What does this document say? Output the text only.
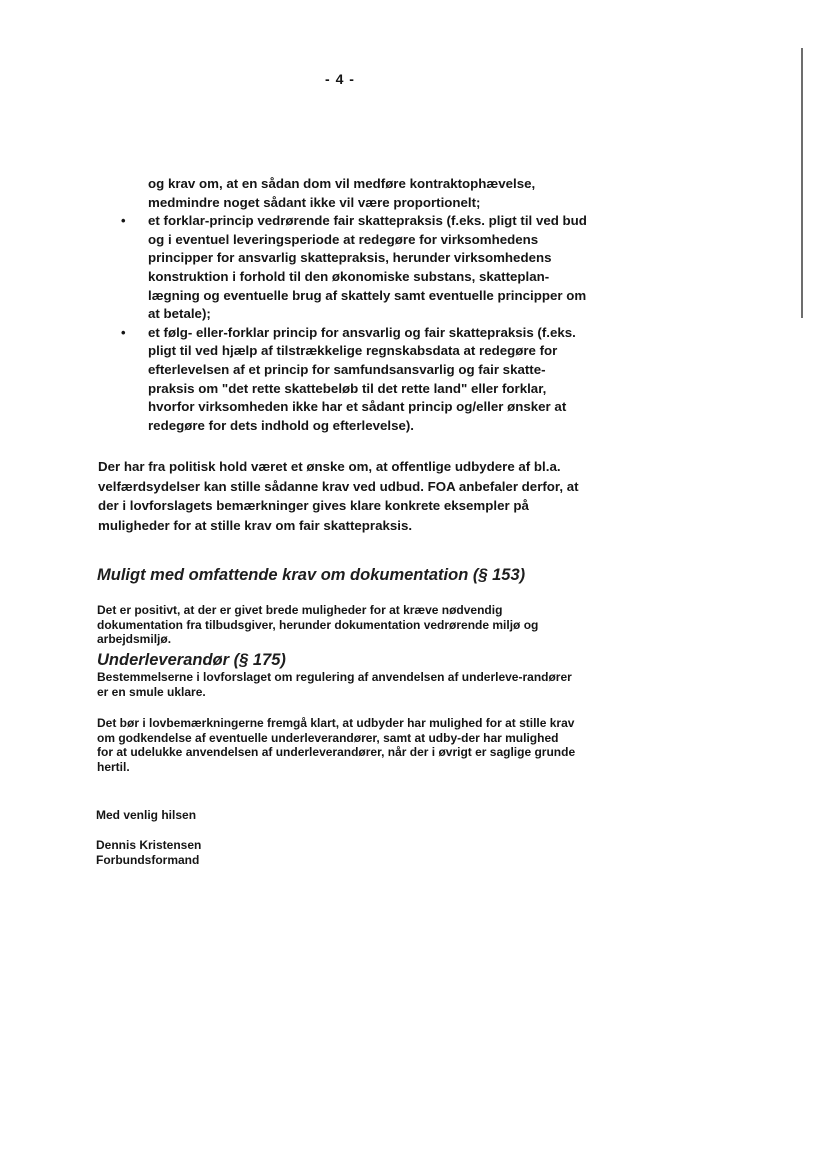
- 4 -
og krav om, at en sådan dom vil medføre kontraktophævelse, medmindre noget sådant ikke vil være proportionelt;
• et forklar-princip vedrørende fair skattepraksis (f.eks. pligt til ved bud og i eventuel leveringsperiode at redegøre for virksomhedens principper for ansvarlig skattepraksis, herunder virksomhedens konstruktion i forhold til den økonomiske substans, skatteplan-lægning og eventuelle brug af skattely samt eventuelle principper om at betale);
• et følg- eller-forklar princip for ansvarlig og fair skattepraksis (f.eks. pligt til ved hjælp af tilstrækkelige regnskabsdata at redegøre for efterlevelsen af et princip for samfundsansvarlig og fair skatte-praksis om "det rette skattebeløb til det rette land" eller forklar, hvorfor virksomheden ikke har et sådant princip og/eller ønsker at redegøre for dets indhold og efterlevelse).

Der har fra politisk hold været et ønske om, at offentlige udbydere af bl.a. velfærdsydelser kan stille sådanne krav ved udbud. FOA anbefaler derfor, at der i lovforslagets bemærkninger gives klare konkrete eksempler på muligheder for at stille krav om fair skattepraksis.

Muligt med omfattende krav om dokumentation (§ 153)

Det er positivt, at der er givet brede muligheder for at kræve nødvendig dokumentation fra tilbudsgiver, herunder dokumentation vedrørende miljø og arbejdsmiljø.

Underleverandør (§ 175)

Bestemmelserne i lovforslaget om regulering af anvendelsen af underleve-randører er en smule uklare.

Det bør i lovbemærkningerne fremgå klart, at udbyder har mulighed for at stille krav om godkendelse af eventuelle underleverandører, samt at udby-der har mulighed for at udelukke anvendelsen af underleverandører, når der i øvrigt er saglige grunde hertil.

Med venlig hilsen

Dennis Kristensen

Forbundsformand
